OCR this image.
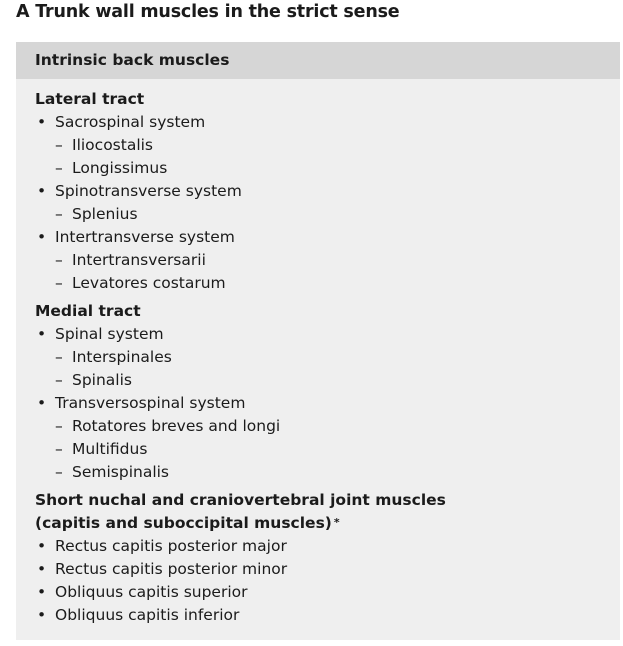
A Trunk wall muscles in the strict sense
Intrinsic back muscles
Lateral tract
• Sacrospinal system
– Iliocostalis
– Longissimus
• Spinotransverse system
– Splenius
• Intertransverse system
– Intertransversarii
– Levatores costarum
Medial tract
• Spinal system
– Interspinales
– Spinalis
• Transversospinal system
– Rotatores breves and longi
– Multifidus
– Semispinalis
Short nuchal and craniovertebral joint muscles
(capitis and suboccipital muscles) *
• Rectus capitis posterior major
• Rectus capitis posterior minor
• Obliquus capitis superior
• Obliquus capitis inferior
